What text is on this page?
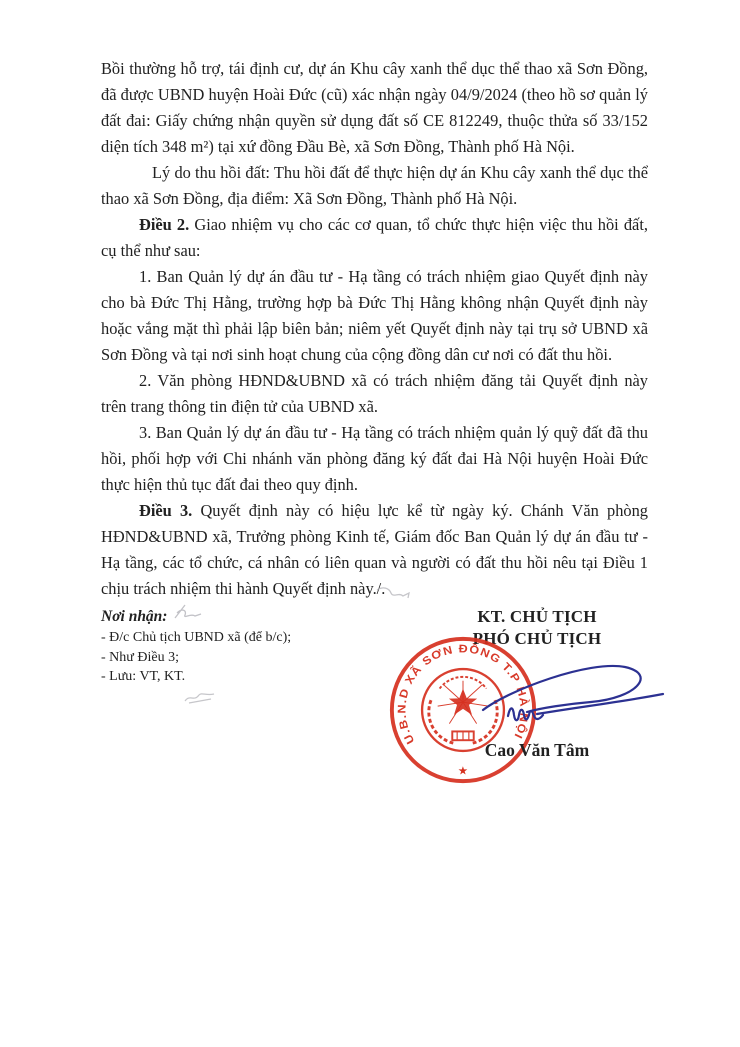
Bồi thường hỗ trợ, tái định cư, dự án Khu cây xanh thể dục thể thao xã Sơn Đồng, đã được UBND huyện Hoài Đức (cũ) xác nhận ngày 04/9/2024 (theo hồ sơ quản lý đất đai: Giấy chứng nhận quyền sử dụng đất số CE 812249, thuộc thửa số 33/152 diện tích 348 m²) tại xứ đồng Đầu Bè, xã Sơn Đồng, Thành phố Hà Nội.

Lý do thu hồi đất: Thu hồi đất để thực hiện dự án Khu cây xanh thể dục thể thao xã Sơn Đồng, địa điểm: Xã Sơn Đồng, Thành phố Hà Nội.

Điều 2. Giao nhiệm vụ cho các cơ quan, tổ chức thực hiện việc thu hồi đất, cụ thể như sau:

1. Ban Quản lý dự án đầu tư - Hạ tầng có trách nhiệm giao Quyết định này cho bà Đức Thị Hằng, trường hợp bà Đức Thị Hằng không nhận Quyết định này hoặc vắng mặt thì phải lập biên bản; niêm yết Quyết định này tại trụ sở UBND xã Sơn Đồng và tại nơi sinh hoạt chung của cộng đồng dân cư nơi có đất thu hồi.

2. Văn phòng HĐND&UBND xã có trách nhiệm đăng tải Quyết định này trên trang thông tin điện tử của UBND xã.

3. Ban Quản lý dự án đầu tư - Hạ tầng có trách nhiệm quản lý quỹ đất đã thu hồi, phối hợp với Chi nhánh văn phòng đăng ký đất đai Hà Nội huyện Hoài Đức thực hiện thủ tục đất đai theo quy định.

Điều 3. Quyết định này có hiệu lực kể từ ngày ký. Chánh Văn phòng HĐND&UBND xã, Trưởng phòng Kinh tế, Giám đốc Ban Quản lý dự án đầu tư - Hạ tầng, các tổ chức, cá nhân có liên quan và người có đất thu hồi nêu tại Điều 1 chịu trách nhiệm thi hành Quyết định này./.

Nơi nhận:
- Đ/c Chủ tịch UBND xã (để b/c);
- Như Điều 3;
- Lưu: VT, KT.
KT. CHỦ TỊCH
PHÓ CHỦ TỊCH
U.B.N.D XÃ SƠN ĐỒNG T.P HÀ NỘI
★
Cao Văn Tâm
